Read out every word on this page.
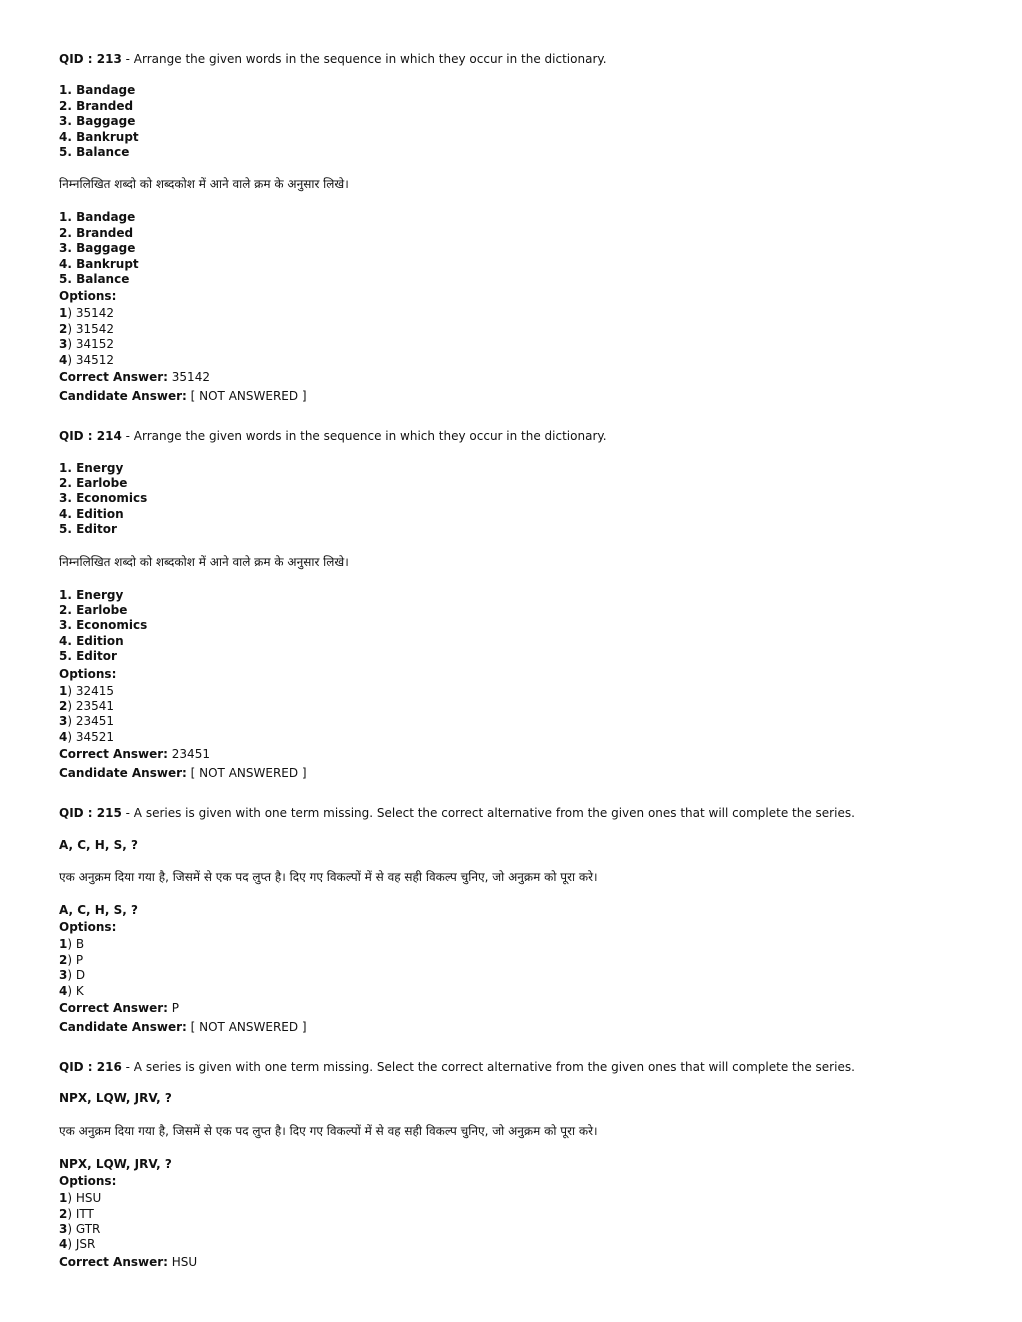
QID : 213 - Arrange the given words in the sequence in which they occur in the dictionary.
1. Bandage
2. Branded
3. Baggage
4. Bankrupt
5. Balance
निम्नलिखित शब्दो को शब्दकोश में आने वाले क्रम के अनुसार लिखे।
1. Bandage
2. Branded
3. Baggage
4. Bankrupt
5. Balance
Options:
1) 35142
2) 31542
3) 34152
4) 34512
Correct Answer: 35142
Candidate Answer: [ NOT ANSWERED ]
QID : 214 - Arrange the given words in the sequence in which they occur in the dictionary.
1. Energy
2. Earlobe
3. Economics
4. Edition
5. Editor
निम्नलिखित शब्दो को शब्दकोश में आने वाले क्रम के अनुसार लिखे।
1. Energy
2. Earlobe
3. Economics
4. Edition
5. Editor
Options:
1) 32415
2) 23541
3) 23451
4) 34521
Correct Answer: 23451
Candidate Answer: [ NOT ANSWERED ]
QID : 215 - A series is given with one term missing. Select the correct alternative from the given ones that will complete the series.
A, C, H, S, ?
एक अनुक्रम दिया गया है, जिसमें से एक पद लुप्त है। दिए गए विकल्पों में से वह सही विकल्प चुनिए, जो अनुक्रम को पूरा करे।
A, C, H, S, ?
Options:
1) B
2) P
3) D
4) K
Correct Answer: P
Candidate Answer: [ NOT ANSWERED ]
QID : 216 - A series is given with one term missing. Select the correct alternative from the given ones that will complete the series.
NPX, LQW, JRV, ?
एक अनुक्रम दिया गया है, जिसमें से एक पद लुप्त है। दिए गए विकल्पों में से वह सही विकल्प चुनिए, जो अनुक्रम को पूरा करे।
NPX, LQW, JRV, ?
Options:
1) HSU
2) ITT
3) GTR
4) JSR
Correct Answer: HSU
